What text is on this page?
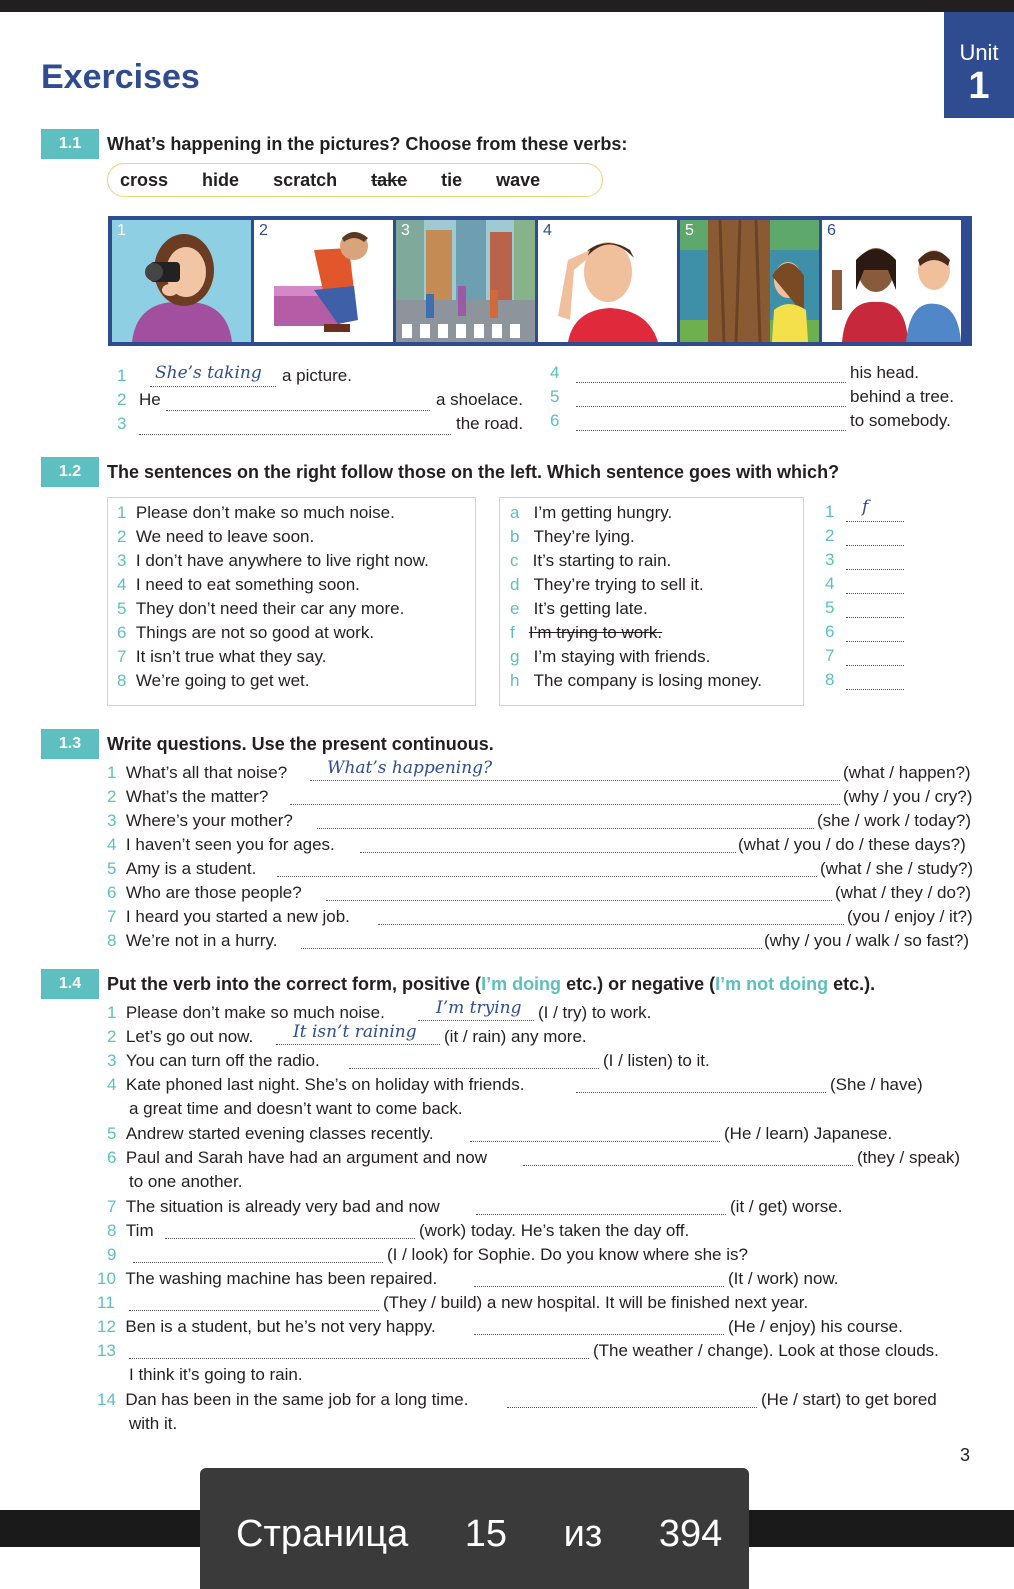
Exercises
Unit
1
1.1	What’s happening in the pictures? Choose from these verbs:
cross hide scratch take tie wave
1	2	3	4	5	6
1 She’s taking a picture.
2 He	a shoelace.
3	the road.
4	his head.
5	behind a tree.
6	to somebody.
1.2	The sentences on the right follow those on the left. Which sentence goes with which?
1 Please don’t make so much noise.
2 We need to leave soon.
3 I don’t have anywhere to live right now.
4 I need to eat something soon.
5 They don’t need their car any more.
6 Things are not so good at work.
7 It isn’t true what they say.
8 We’re going to get wet.
a I’m getting hungry.
b They’re lying.
c It’s starting to rain.
d They’re trying to sell it.
e It’s getting late.
f I’m trying to work.
g I’m staying with friends.
h The company is losing money.
1 f
2
3
4
5
6
7
8
1.3	Write questions. Use the present continuous.
1 What’s all that noise? What’s happening?	(what / happen?)
2 What’s the matter?	(why / you / cry?)
3 Where’s your mother?	(she / work / today?)
4 I haven’t seen you for ages.	(what / you / do / these days?)
5 Amy is a student.	(what / she / study?)
6 Who are those people?	(what / they / do?)
7 I heard you started a new job.	(you / enjoy / it?)
8 We’re not in a hurry.	(why / you / walk / so fast?)
1.4	Put the verb into the correct form, positive (I’m doing etc.) or negative (I’m not doing etc.).
1 Please don’t make so much noise.	I’m trying (I / try) to work.
2 Let’s go out now. It isn’t raining (it / rain) any more.
3 You can turn off the radio.	(I / listen) to it.
4 Kate phoned last night. She’s on holiday with friends.	(She / have)
a great time and doesn’t want to come back.
5 Andrew started evening classes recently.	(He / learn) Japanese.
6 Paul and Sarah have had an argument and now	(they / speak)
to one another.
7 The situation is already very bad and now	(it / get) worse.
8 Tim	(work) today. He’s taken the day off.
9	(I / look) for Sophie. Do you know where she is?
10 The washing machine has been repaired.	(It / work) now.
11	(They / build) a new hospital. It will be finished next year.
12 Ben is a student, but he’s not very happy.	(He / enjoy) his course.
13	(The weather / change). Look at those clouds.
I think it’s going to rain.
14 Dan has been in the same job for a long time.	(He / start) to get bored
with it.
3
Страница 15 из 394
